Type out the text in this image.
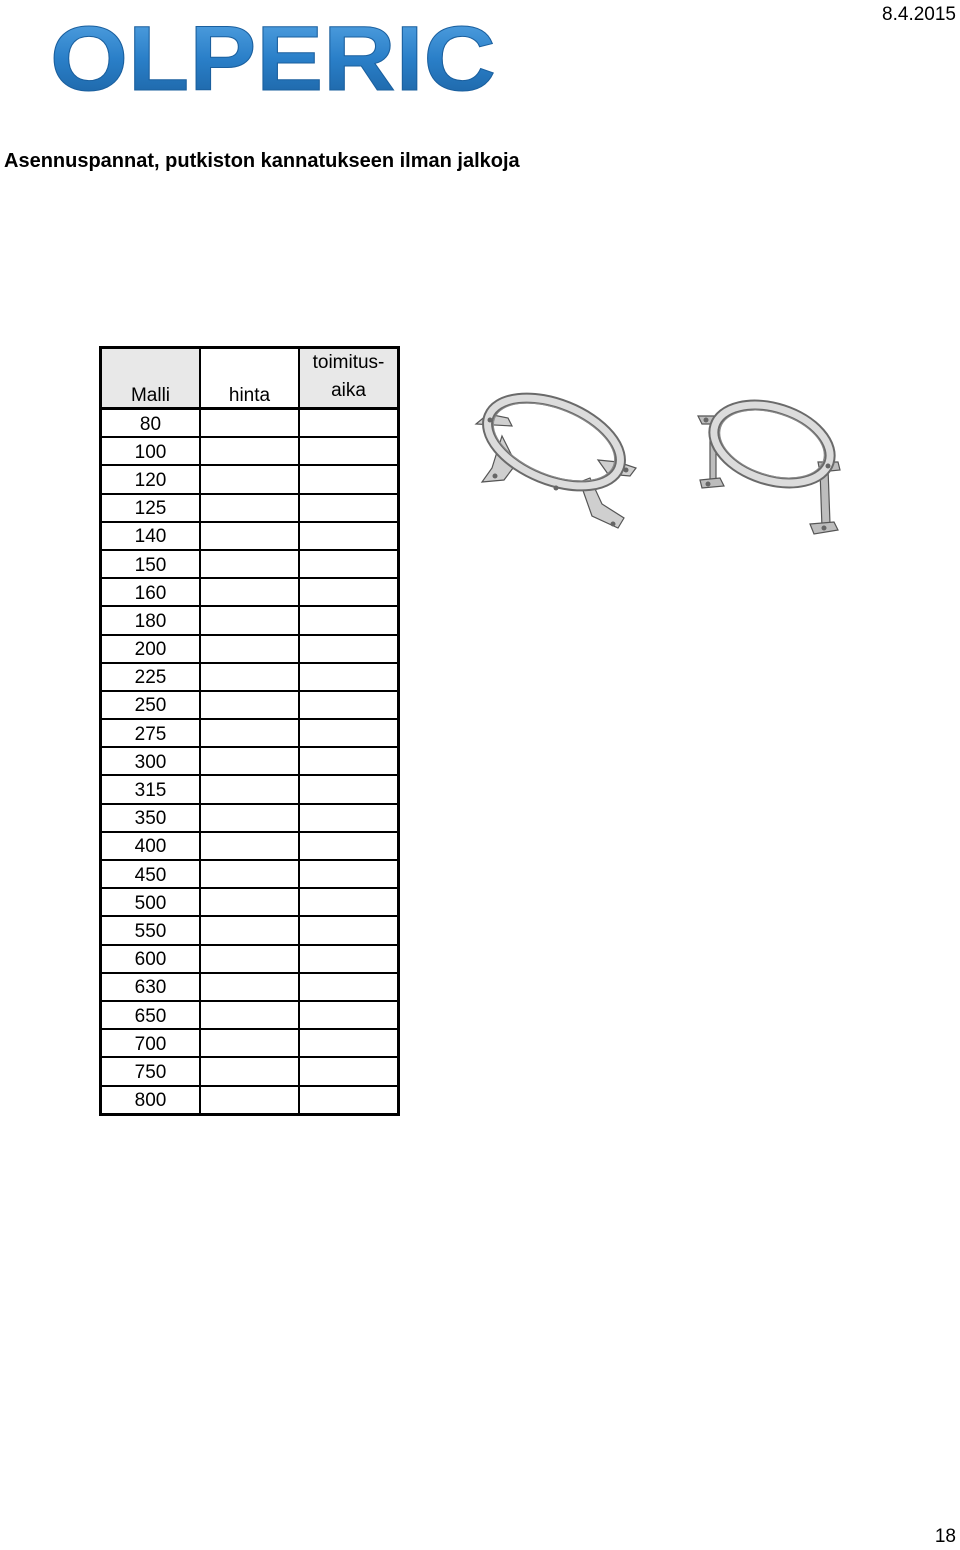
8.4.2015
OLPERIC
Asennuspannat, putkiston kannatukseen ilman jalkoja
Malli	hinta	toimitus-
aika

80		
100		
120		
125		
140		
150		
160		
180		
200		
225		
250		
275		
300		
315		
350		
400		
450		
500		
550		
600		
630		
650		
700		
750		
800		
18
